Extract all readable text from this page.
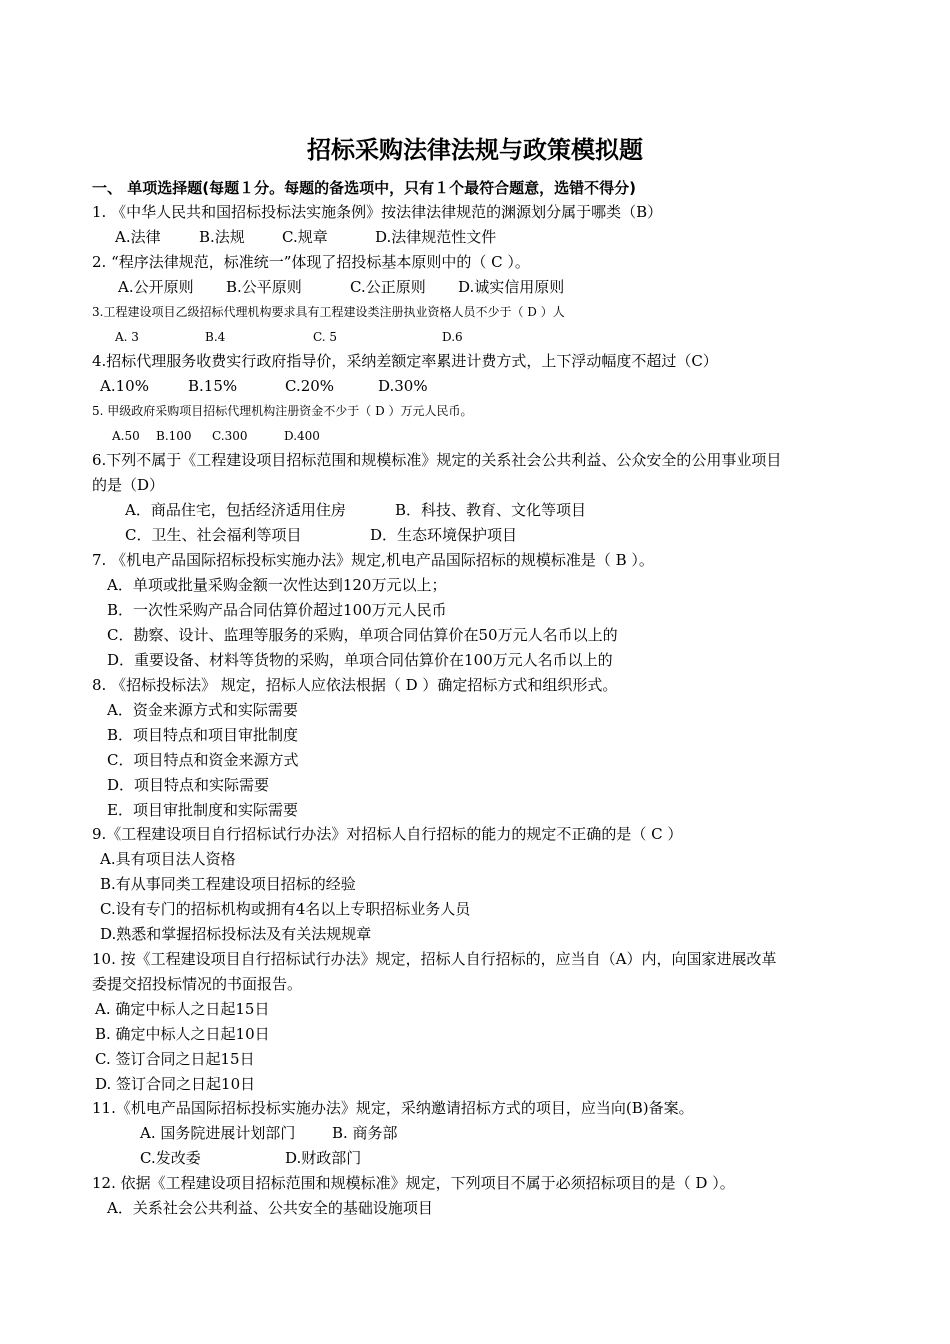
招标采购法律法规与政策模拟题
一、 单项选择题(每题１分。每题的备选项中，只有１个最符合题意，选错不得分)
1. 《中华人民共和国招标投标法实施条例》按法律法律规范的渊源划分属于哪类（B）
A.法律	B.法规 C.规章	D.法律规范性文件
2. “程序法律规范，标准统一”体现了招投标基本原则中的（ C ）。
A.公开原则 B.公平原则	C.公正原则 D.诚实信用原则
3.工程建设项目乙级招标代理机构要求具有工程建设类注册执业资格人员不少于（ D ）人
A. 3	B.4	C. 5	D.6
4.招标代理服务收费实行政府指导价，采纳差额定率累进计费方式，上下浮动幅度不超过（C）
A.10%	B.15%	C.20%	D.30%
5. 甲级政府采购项目招标代理机构注册资金不少于（ D ）万元人民币。
A.50 B.100 C.300	D.400
6.下列不属于《工程建设项目招标范围和规模标准》规定的关系社会公共利益、公众安全的公用事业项目
的是（D）
A．商品住宅，包括经济适用住房	B．科技、教育、文化等项目
C．卫生、社会福利等项目	D．生态环境保护项目
7. 《机电产品国际招标投标实施办法》规定,机电产品国际招标的规模标准是（ B ）。
A．单项或批量采购金额一次性达到120万元以上；
B．一次性采购产品合同估算价超过100万元人民币
C．勘察、设计、监理等服务的采购，单项合同估算价在50万元人名币以上的
D．重要设备、材料等货物的采购，单项合同估算价在100万元人名币以上的
8. 《招标投标法》 规定，招标人应依法根据（ D ）确定招标方式和组织形式。
A．资金来源方式和实际需要
B．项目特点和项目审批制度
C．项目特点和资金来源方式
D．项目特点和实际需要
E．项目审批制度和实际需要
9.《工程建设项目自行招标试行办法》对招标人自行招标的能力的规定不正确的是（ C ）
A.具有项目法人资格
B.有从事同类工程建设项目招标的经验
C.设有专门的招标机构或拥有4名以上专职招标业务人员
D.熟悉和掌握招标投标法及有关法规规章
10. 按《工程建设项目自行招标试行办法》规定，招标人自行招标的，应当自（A）内，向国家进展改革
委提交招投标情况的书面报告。
A. 确定中标人之日起15日
B. 确定中标人之日起10日
C. 签订合同之日起15日
D. 签订合同之日起10日
11.《机电产品国际招标投标实施办法》规定，采纳邀请招标方式的项目，应当向(B)备案。
A. 国务院进展计划部门 B. 商务部
C.发改委	D.财政部门
12. 依据《工程建设项目招标范围和规模标准》规定，下列项目不属于必须招标项目的是（ D ）。
A．关系社会公共利益、公共安全的基础设施项目
